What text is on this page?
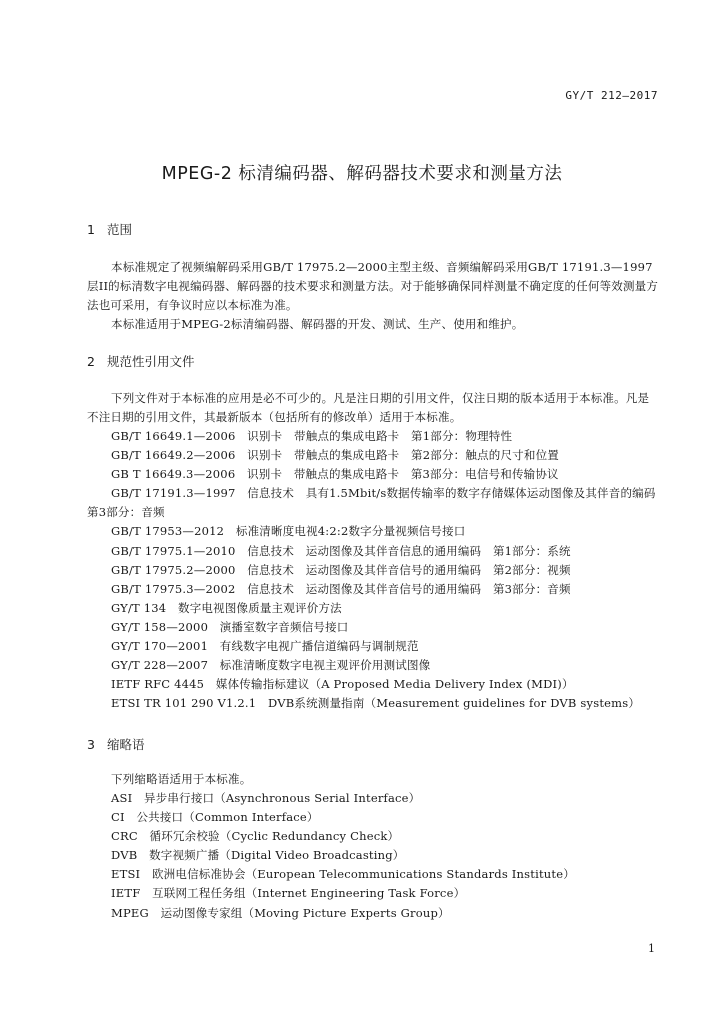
GY/T 212—2017
MPEG-2 标清编码器、解码器技术要求和测量方法
1 范围

本标准规定了视频编解码采用GB/T 17975.2—2000主型主级、音频编解码采用GB/T 17191.3—1997层II的标清数字电视编码器、解码器的技术要求和测量方法。对于能够确保同样测量不确定度的任何等效测量方法也可采用，有争议时应以本标准为准。

本标准适用于MPEG-2标清编码器、解码器的开发、测试、生产、使用和维护。

2 规范性引用文件

下列文件对于本标准的应用是必不可少的。凡是注日期的引用文件，仅注日期的版本适用于本标准。凡是不注日期的引用文件，其最新版本（包括所有的修改单）适用于本标准。

GB/T 16649.1—2006　识别卡　带触点的集成电路卡　第1部分：物理特性
GB/T 16649.2—2006　识别卡　带触点的集成电路卡　第2部分：触点的尺寸和位置
GB T 16649.3—2006　识别卡　带触点的集成电路卡　第3部分：电信号和传输协议
GB/T 17191.3—1997　信息技术　具有1.5Mbit/s数据传输率的数字存储媒体运动图像及其伴音的编码 第3部分：音频
GB/T 17953—2012　标准清晰度电视4:2:2数字分量视频信号接口
GB/T 17975.1—2010　信息技术　运动图像及其伴音信息的通用编码　第1部分：系统
GB/T 17975.2—2000　信息技术　运动图像及其伴音信号的通用编码　第2部分：视频
GB/T 17975.3—2002　信息技术　运动图像及其伴音信号的通用编码　第3部分：音频
GY/T 134　数字电视图像质量主观评价方法
GY/T 158—2000　演播室数字音频信号接口
GY/T 170—2001　有线数字电视广播信道编码与调制规范
GY/T 228—2007　标准清晰度数字电视主观评价用测试图像
IETF RFC 4445　媒体传输指标建议（A Proposed Media Delivery Index (MDI)）
ETSI TR 101 290 V1.2.1　DVB系统测量指南（Measurement guidelines for DVB systems）
3 缩略语

下列缩略语适用于本标准。

ASI　异步串行接口（Asynchronous Serial Interface）
CI　公共接口（Common Interface）
CRC　循环冗余校验（Cyclic Redundancy Check）
DVB　数字视频广播（Digital Video Broadcasting）
ETSI　欧洲电信标准协会（European Telecommunications Standards Institute）
IETF　互联网工程任务组（Internet Engineering Task Force）
MPEG　运动图像专家组（Moving Picture Experts Group）
1
